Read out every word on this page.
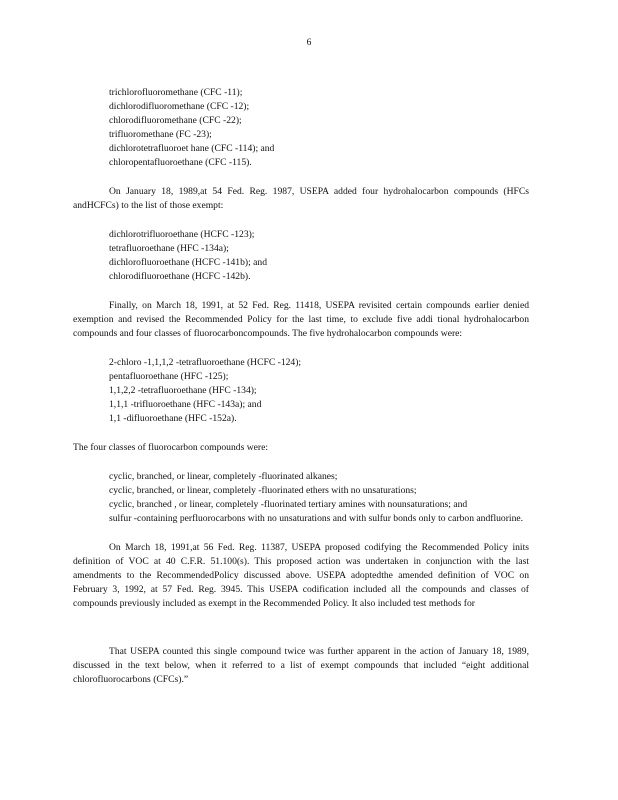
6
trichlorofluoromethane (CFC -11);
dichlorodifluoromethane (CFC -12);
chlorodifluoromethane (CFC -22);
trifluoromethane (FC -23);
dichlorotetrafluoroet hane (CFC -114); and
chloropentafluoroethane (CFC -115).
On January 18, 1989,at 54 Fed. Reg. 1987, USEPA added four hydrohalocarbon compounds (HFCs andHCFCs) to the list of those exempt:
dichlorotrifluoroethane (HCFC -123);
tetrafluoroethane (HFC -134a);
dichlorofluoroethane (HCFC -141b); and
chlorodifluoroethane (HCFC -142b).
Finally, on March 18, 1991, at 52 Fed. Reg. 11418, USEPA revisited certain compounds earlier denied exemption and revised the Recommended Policy for the last time, to exclude five addi tional hydrohalocarbon compounds and four classes of fluorocarboncompounds. The five hydrohalocarbon compounds were:
2-chloro -1,1,1,2 -tetrafluoroethane (HCFC -124);
pentafluoroethane (HFC -125);
1,1,2,2 -tetrafluoroethane (HFC -134);
1,1,1 -trifluoroethane (HFC -143a); and
1,1 -difluoroethane (HFC -152a).
The four classes of fluorocarbon compounds were:
cyclic, branched, or linear, completely -fluorinated alkanes;
cyclic, branched, or linear, completely -fluorinated ethers with no unsaturations;
cyclic, branched , or linear, completely -fluorinated tertiary amines with nounsaturations; and
sulfur -containing perfluorocarbons with no unsaturations and with sulfur bonds only to carbon andfluorine.
On March 18, 1991,at 56 Fed. Reg. 11387, USEPA proposed codifying the Recommended Policy inits definition of VOC at 40 C.F.R. 51.100(s). This proposed action was undertaken in conjunction with the last amendments to the RecommendedPolicy discussed above. USEPA adoptedthe amended definition of VOC on February 3, 1992, at 57 Fed. Reg. 3945. This USEPA codification included all the compounds and classes of compounds previously included as exempt in the Recommended Policy. It also included test methods for
That USEPA counted this single compound twice was further apparent in the action of January 18, 1989, discussed in the text below, when it referred to a list of exempt compounds that included “eight additional chlorofluorocarbons (CFCs).”
